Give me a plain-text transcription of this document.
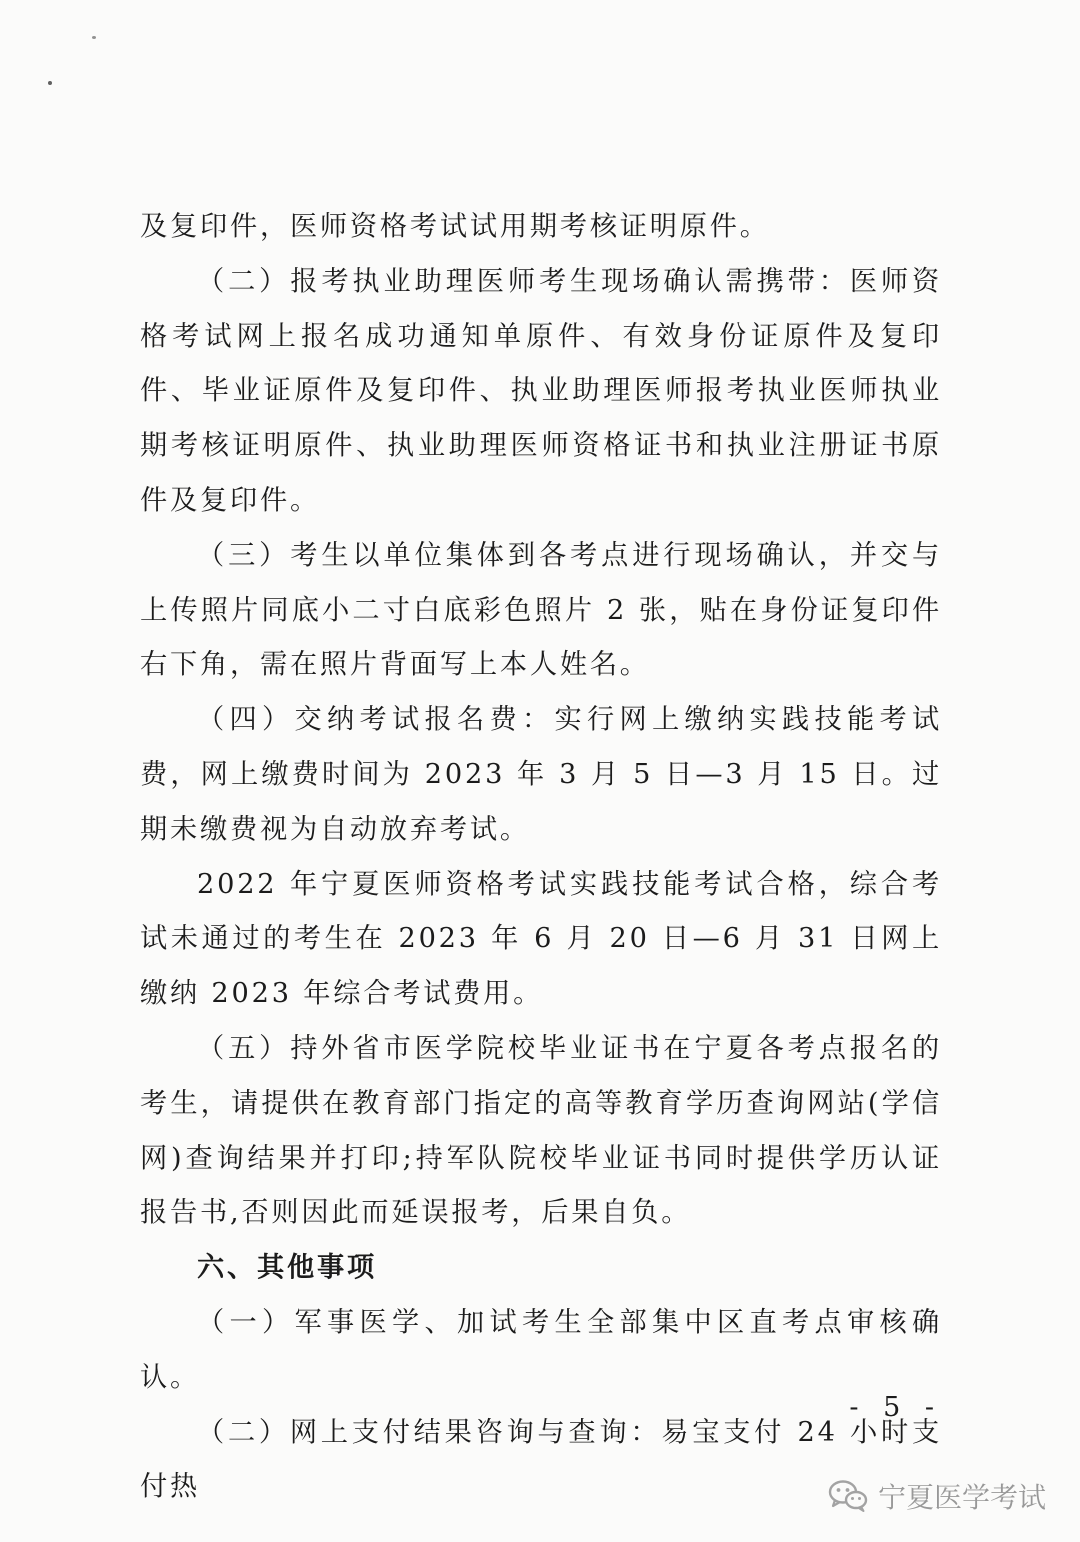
及复印件，医师资格考试试用期考核证明原件。

（二）报考执业助理医师考生现场确认需携带：医师资格考试网上报名成功通知单原件、有效身份证原件及复印件、毕业证原件及复印件、执业助理医师报考执业医师执业期考核证明原件、执业助理医师资格证书和执业注册证书原件及复印件。

（三）考生以单位集体到各考点进行现场确认，并交与上传照片同底小二寸白底彩色照片 2 张，贴在身份证复印件右下角，需在照片背面写上本人姓名。

（四）交纳考试报名费：实行网上缴纳实践技能考试费，网上缴费时间为 2023 年 3 月 5 日—3 月 15 日。过期未缴费视为自动放弃考试。

2022 年宁夏医师资格考试实践技能考试合格，综合考试未通过的考生在 2023 年 6 月 20 日—6 月 31 日网上缴纳 2023 年综合考试费用。

（五）持外省市医学院校毕业证书在宁夏各考点报名的考生，请提供在教育部门指定的高等教育学历查询网站(学信网)查询结果并打印;持军队院校毕业证书同时提供学历认证报告书,否则因此而延误报考，后果自负。

六、其他事项

（一）军事医学、加试考生全部集中区直考点审核确认。

（二）网上支付结果咨询与查询：易宝支付 24 小时支付热

- 5 -
宁夏医学考试
